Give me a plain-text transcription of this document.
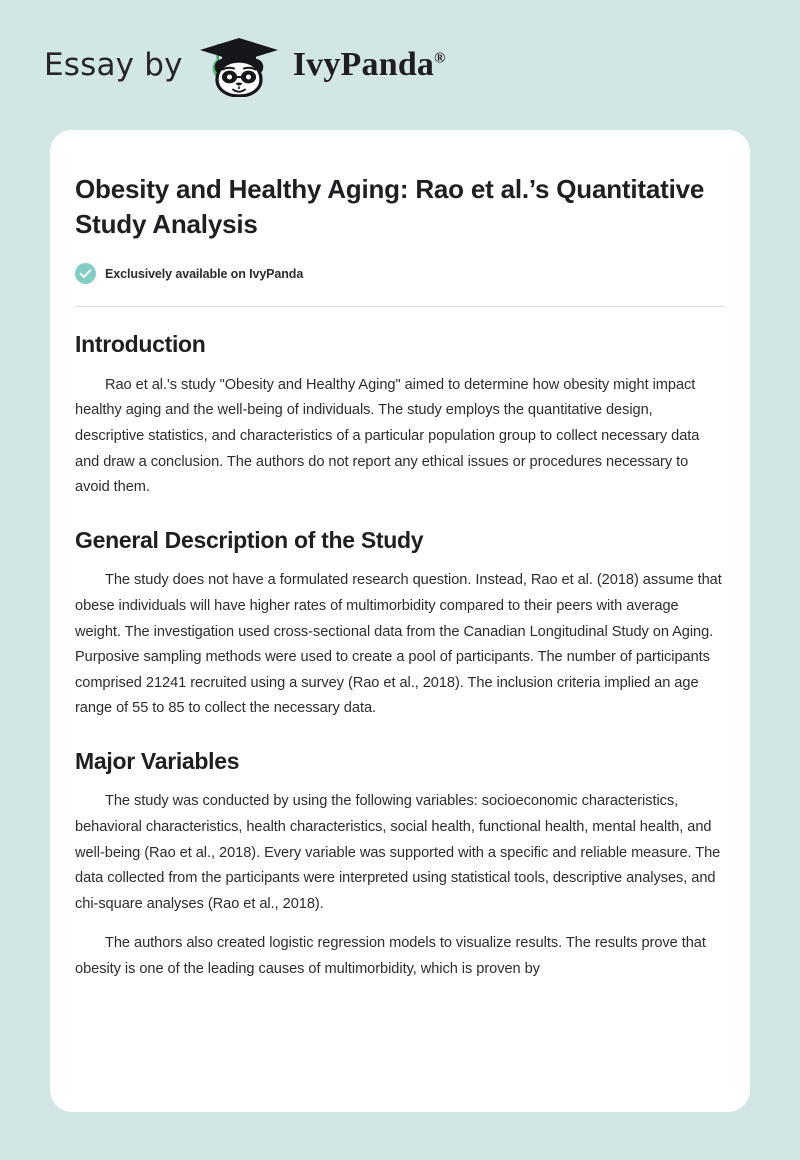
Essay by	IvyPanda®
Obesity and Healthy Aging: Rao et al.’s Quantitative Study Analysis
Exclusively available on IvyPanda
Introduction

Rao et al.'s study "Obesity and Healthy Aging" aimed to determine how obesity might impact healthy aging and the well-being of individuals. The study employs the quantitative design, descriptive statistics, and characteristics of a particular population group to collect necessary data and draw a conclusion. The authors do not report any ethical issues or procedures necessary to avoid them.

General Description of the Study

The study does not have a formulated research question. Instead, Rao et al. (2018) assume that obese individuals will have higher rates of multimorbidity compared to their peers with average weight. The investigation used cross-sectional data from the Canadian Longitudinal Study on Aging. Purposive sampling methods were used to create a pool of participants. The number of participants comprised 21241 recruited using a survey (Rao et al., 2018). The inclusion criteria implied an age range of 55 to 85 to collect the necessary data.

Major Variables

The study was conducted by using the following variables: socioeconomic characteristics, behavioral characteristics, health characteristics, social health, functional health, mental health, and well-being (Rao et al., 2018). Every variable was supported with a specific and reliable measure. The data collected from the participants were interpreted using statistical tools, descriptive analyses, and chi-square analyses (Rao et al., 2018).

The authors also created logistic regression models to visualize results. The results prove that obesity is one of the leading causes of multimorbidity, which is proven by
